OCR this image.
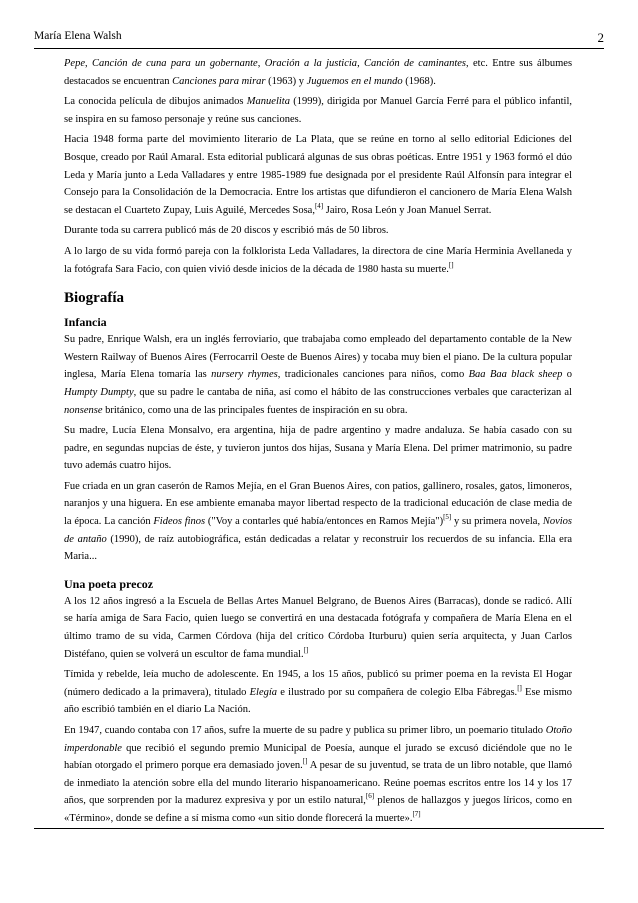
María Elena Walsh	2

Pepe, Canción de cuna para un gobernante, Oración a la justicia, Canción de caminantes, etc. Entre sus álbumes destacados se encuentran Canciones para mirar (1963) y Juguemos en el mundo (1968).

La conocida película de dibujos animados Manuelita (1999), dirigida por Manuel García Ferré para el público infantil, se inspira en su famoso personaje y reúne sus canciones.

Hacia 1948 forma parte del movimiento literario de La Plata, que se reúne en torno al sello editorial Ediciones del Bosque, creado por Raúl Amaral. Esta editorial publicará algunas de sus obras poéticas. Entre 1951 y 1963 formó el dúo Leda y María junto a Leda Valladares y entre 1985-1989 fue designada por el presidente Raúl Alfonsín para integrar el Consejo para la Consolidación de la Democracia. Entre los artistas que difundieron el cancionero de María Elena Walsh se destacan el Cuarteto Zupay, Luis Aguilé, Mercedes Sosa,[4] Jairo, Rosa León y Joan Manuel Serrat.

Durante toda su carrera publicó más de 20 discos y escribió más de 50 libros.

A lo largo de su vida formó pareja con la folklorista Leda Valladares, la directora de cine María Herminia Avellaneda y la fotógrafa Sara Facio, con quien vivió desde inicios de la década de 1980 hasta su muerte.[]

Biografía
Infancia

Su padre, Enrique Walsh, era un inglés ferroviario, que trabajaba como empleado del departamento contable de la New Western Railway of Buenos Aires (Ferrocarril Oeste de Buenos Aires) y tocaba muy bien el piano. De la cultura popular inglesa, María Elena tomaría las nursery rhymes, tradicionales canciones para niños, como Baa Baa black sheep o Humpty Dumpty, que su padre le cantaba de niña, así como el hábito de las construcciones verbales que caracterizan al nonsense británico, como una de las principales fuentes de inspiración en su obra.

Su madre, Lucía Elena Monsalvo, era argentina, hija de padre argentino y madre andaluza. Se había casado con su padre, en segundas nupcias de éste, y tuvieron juntos dos hijas, Susana y María Elena. Del primer matrimonio, su padre tuvo además cuatro hijos.

Fue criada en un gran caserón de Ramos Mejía, en el Gran Buenos Aires, con patios, gallinero, rosales, gatos, limoneros, naranjos y una higuera. En ese ambiente emanaba mayor libertad respecto de la tradicional educación de clase media de la época. La canción Fideos finos ("Voy a contarles qué había/entonces en Ramos Mejía")[5] y su primera novela, Novios de antaño (1990), de raíz autobiográfica, están dedicadas a relatar y reconstruir los recuerdos de su infancia. Ella era Maria...

Una poeta precoz

A los 12 años ingresó a la Escuela de Bellas Artes Manuel Belgrano, de Buenos Aires (Barracas), donde se radicó. Allí se haría amiga de Sara Facio, quien luego se convertirá en una destacada fotógrafa y compañera de María Elena en el último tramo de su vida, Carmen Córdova (hija del crítico Córdoba Iturburu) quien sería arquitecta, y Juan Carlos Distéfano, quien se volverá un escultor de fama mundial.[]

Tímida y rebelde, leía mucho de adolescente. En 1945, a los 15 años, publicó su primer poema en la revista El Hogar (número dedicado a la primavera), titulado Elegía e ilustrado por su compañera de colegio Elba Fábregas.[] Ese mismo año escribió también en el diario La Nación.

En 1947, cuando contaba con 17 años, sufre la muerte de su padre y publica su primer libro, un poemario titulado Otoño imperdonable que recibió el segundo premio Municipal de Poesía, aunque el jurado se excusó diciéndole que no le habían otorgado el primero porque era demasiado joven.[] A pesar de su juventud, se trata de un libro notable, que llamó de inmediato la atención sobre ella del mundo literario hispanoamericano. Reúne poemas escritos entre los 14 y los 17 años, que sorprenden por la madurez expresiva y por un estilo natural,[6] plenos de hallazgos y juegos líricos, como en «Término», donde se define a sí misma como «un sitio donde florecerá la muerte».[7]
